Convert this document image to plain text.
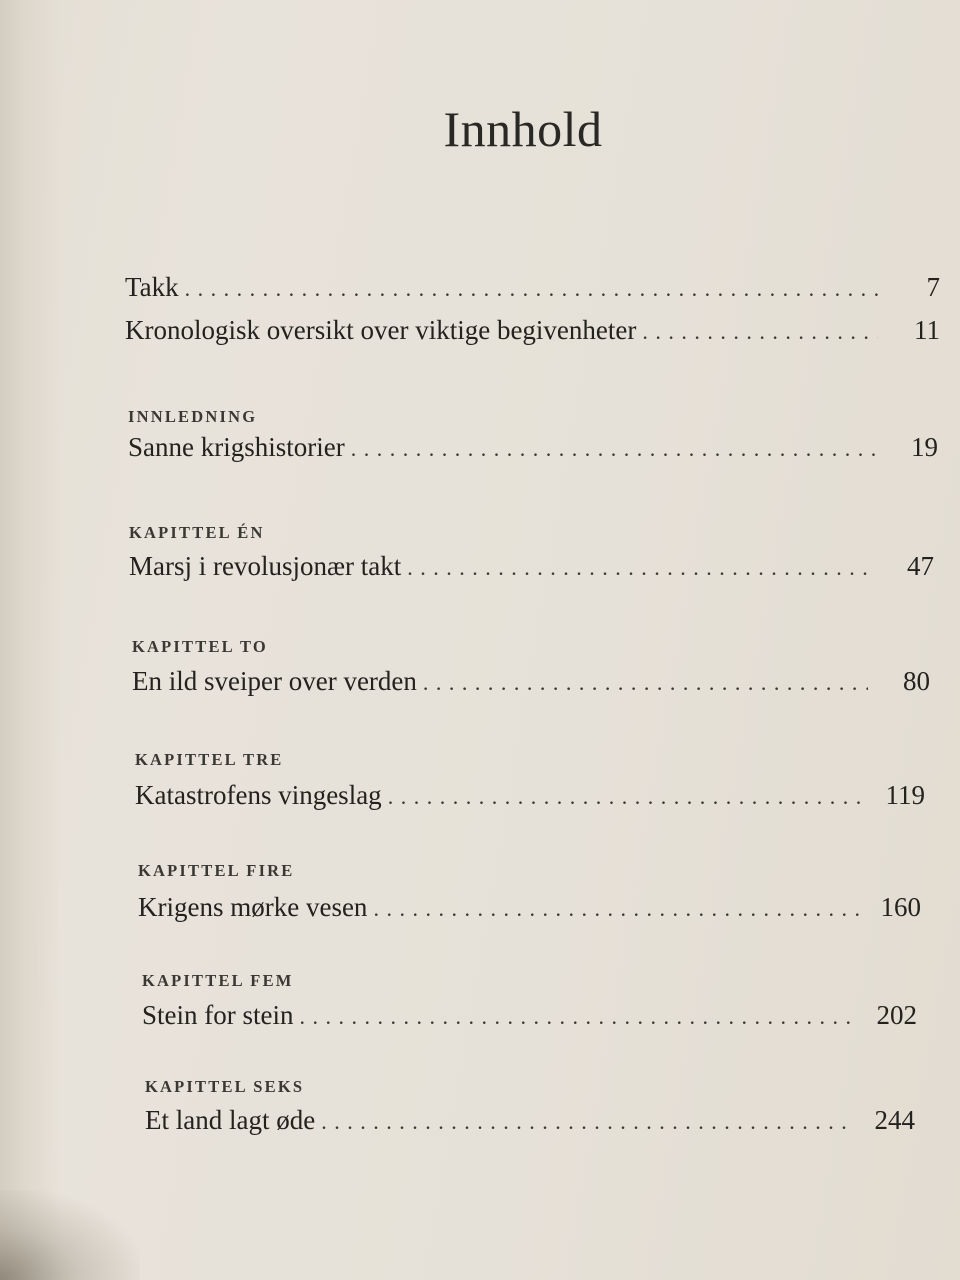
Innhold
Takk . . .	7
Kronologisk oversikt over viktige begivenheter . . .	11
INNLEDNING
Sanne krigshistorier . . .	19
KAPITTEL ÉN
Marsj i revolusjonær takt . . .	47
KAPITTEL TO
En ild sveiper over verden . . .	80
KAPITTEL TRE
Katastrofens vingeslag . . .	119
KAPITTEL FIRE
Krigens mørke vesen . . .	160
KAPITTEL FEM
Stein for stein . . .	202
KAPITTEL SEKS
Et land lagt øde . . .	244
